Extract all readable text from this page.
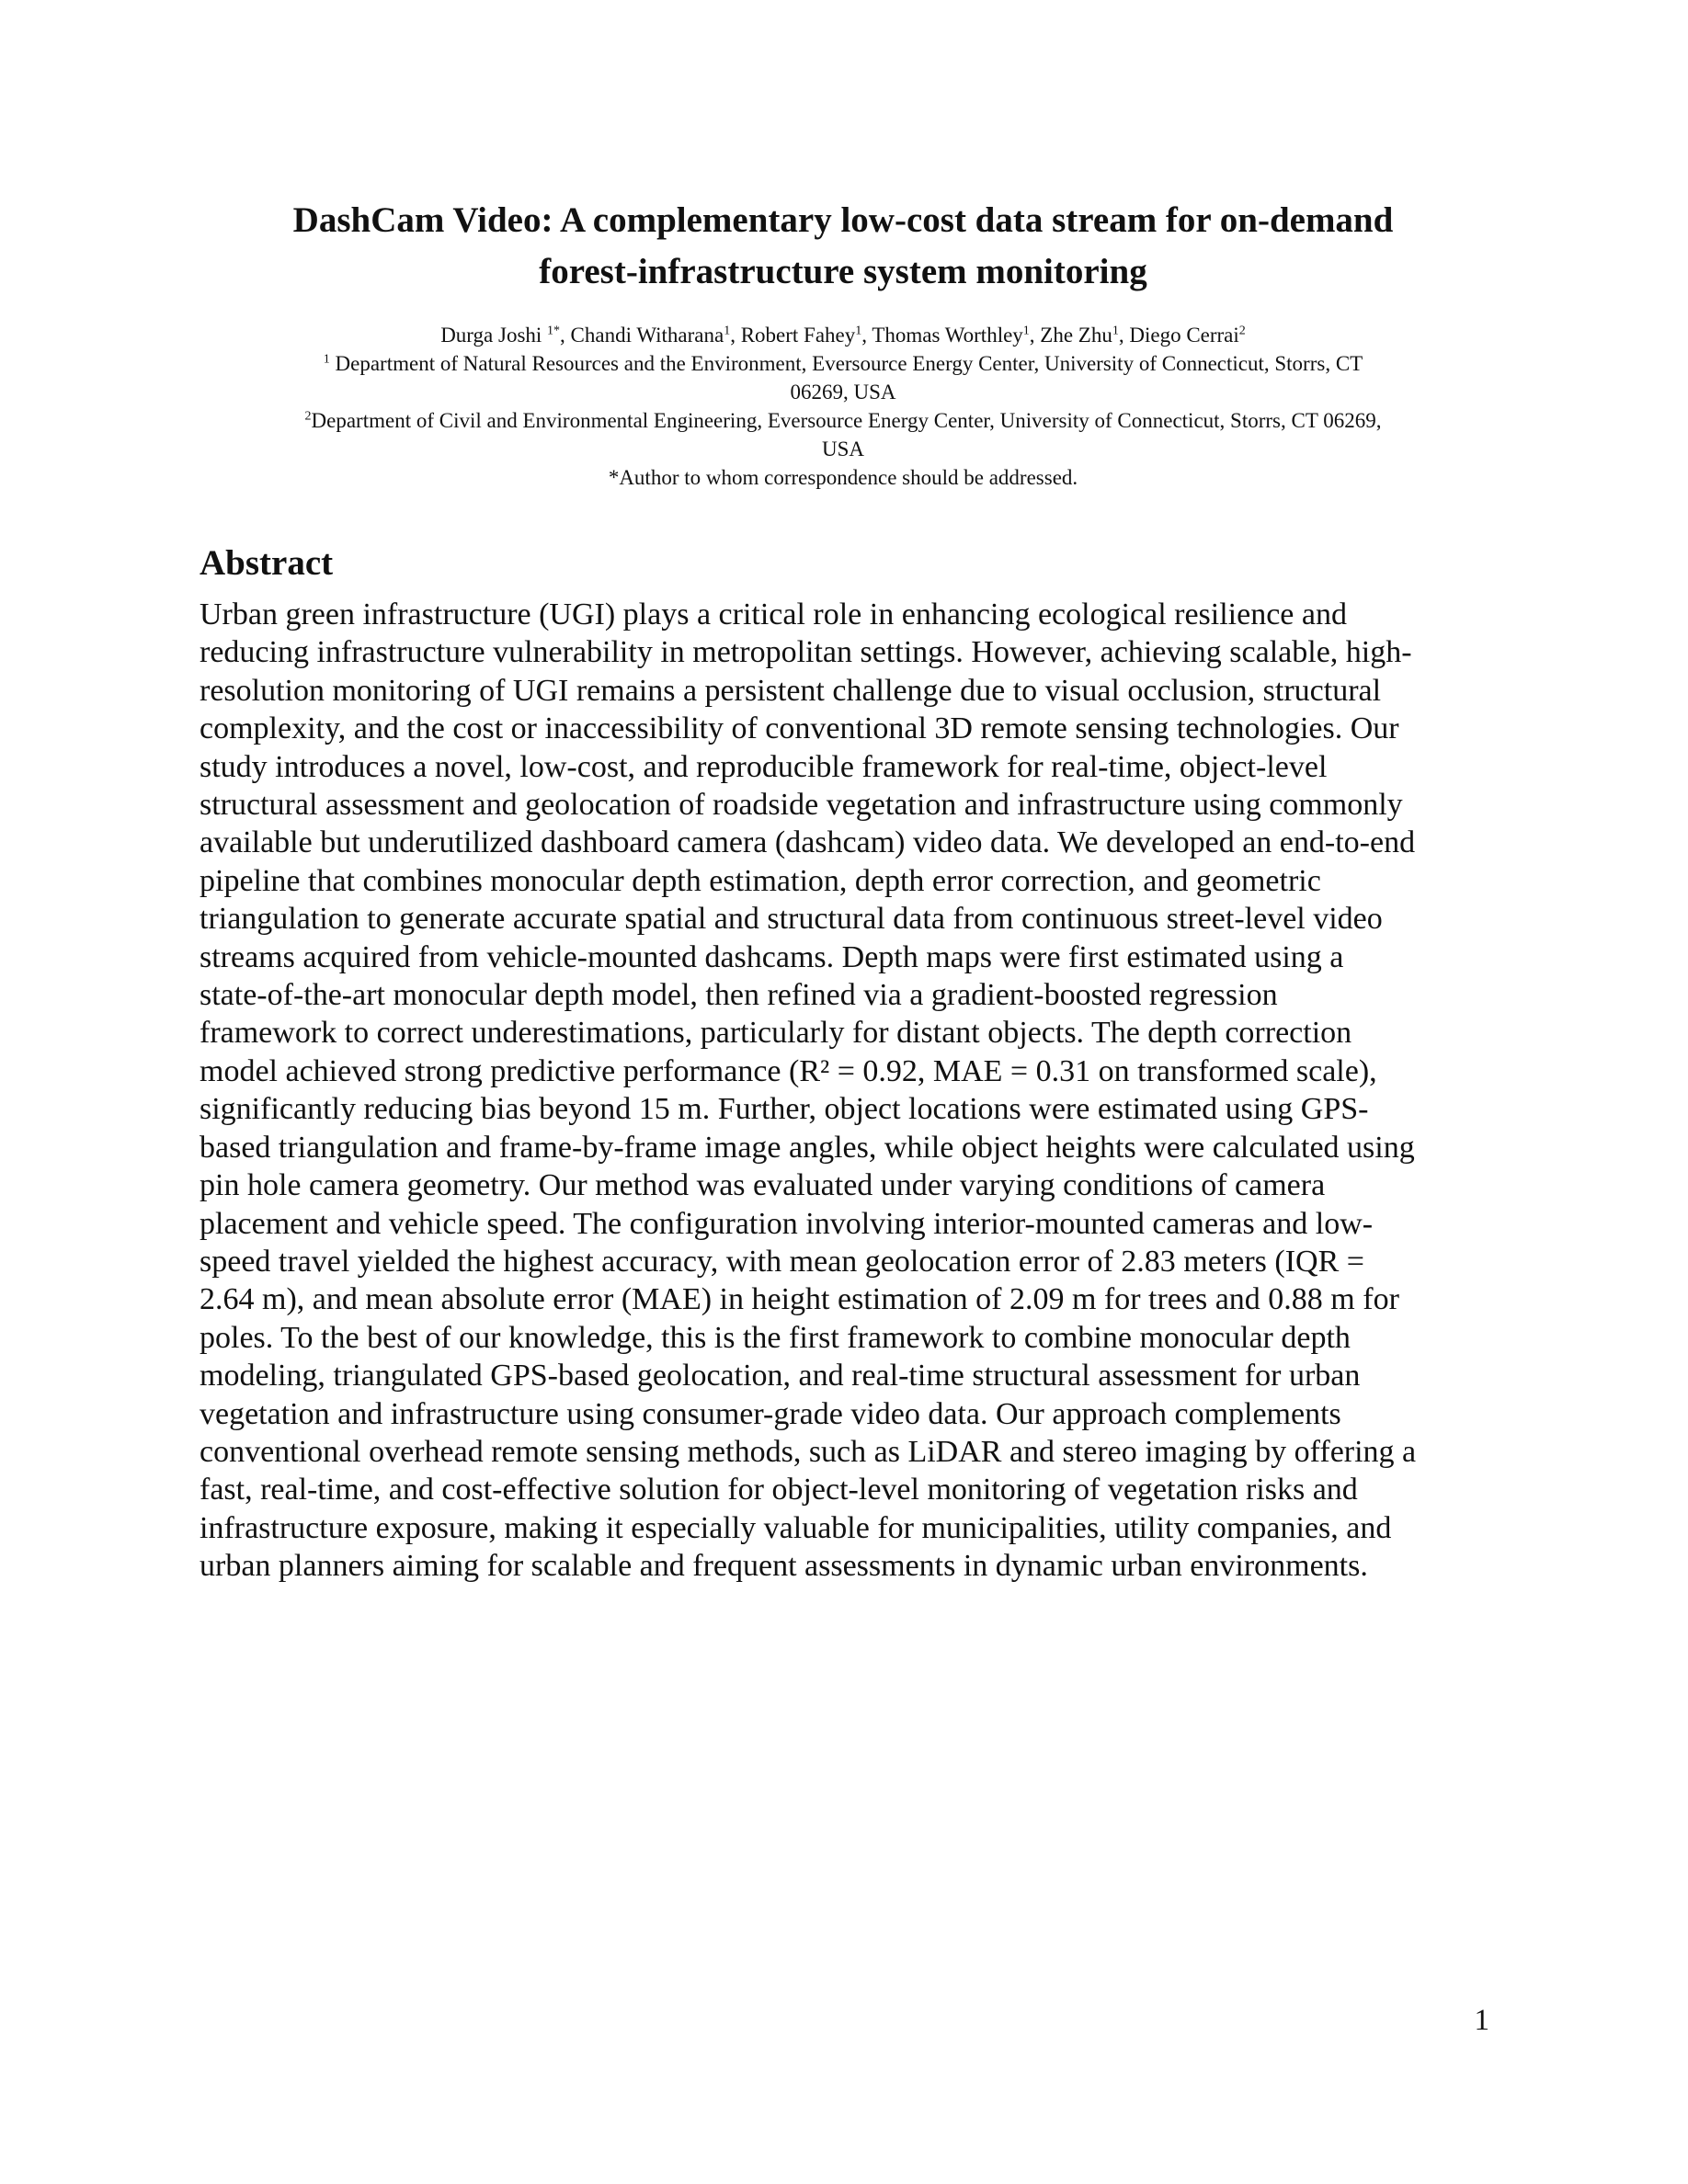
DashCam Video: A complementary low-cost data stream for on-demand
forest-infrastructure system monitoring
Durga Joshi $^{1*}$, Chandi Witharana$^1$, Robert Fahey$^1$, Thomas Worthley$^1$, Zhe Zhu$^1$, Diego Cerrai$^2$
$^1$ Department of Natural Resources and the Environment, Eversource Energy Center, University of Connecticut, Storrs, CT
06269, USA
$^2$Department of Civil and Environmental Engineering, Eversource Energy Center, University of Connecticut, Storrs, CT 06269,
USA
*Author to whom correspondence should be addressed.
Abstract
Urban green infrastructure (UGI) plays a critical role in enhancing ecological resilience and
reducing infrastructure vulnerability in metropolitan settings. However, achieving scalable, high-
resolution monitoring of UGI remains a persistent challenge due to visual occlusion, structural
complexity, and the cost or inaccessibility of conventional 3D remote sensing technologies. Our
study introduces a novel, low-cost, and reproducible framework for real-time, object-level
structural assessment and geolocation of roadside vegetation and infrastructure using commonly
available but underutilized dashboard camera (dashcam) video data. We developed an end-to-end
pipeline that combines monocular depth estimation, depth error correction, and geometric
triangulation to generate accurate spatial and structural data from continuous street-level video
streams acquired from vehicle-mounted dashcams. Depth maps were first estimated using a
state-of-the-art monocular depth model, then refined via a gradient-boosted regression
framework to correct underestimations, particularly for distant objects. The depth correction
model achieved strong predictive performance (R² = 0.92, MAE = 0.31 on transformed scale),
significantly reducing bias beyond 15 m. Further, object locations were estimated using GPS-
based triangulation and frame-by-frame image angles, while object heights were calculated using
pin hole camera geometry. Our method was evaluated under varying conditions of camera
placement and vehicle speed. The configuration involving interior-mounted cameras and low-
speed travel yielded the highest accuracy, with mean geolocation error of 2.83 meters (IQR =
2.64 m), and mean absolute error (MAE) in height estimation of 2.09 m for trees and 0.88 m for
poles. To the best of our knowledge, this is the first framework to combine monocular depth
modeling, triangulated GPS-based geolocation, and real-time structural assessment for urban
vegetation and infrastructure using consumer-grade video data. Our approach complements
conventional overhead remote sensing methods, such as LiDAR and stereo imaging by offering a
fast, real-time, and cost-effective solution for object-level monitoring of vegetation risks and
infrastructure exposure, making it especially valuable for municipalities, utility companies, and
urban planners aiming for scalable and frequent assessments in dynamic urban environments.
1
